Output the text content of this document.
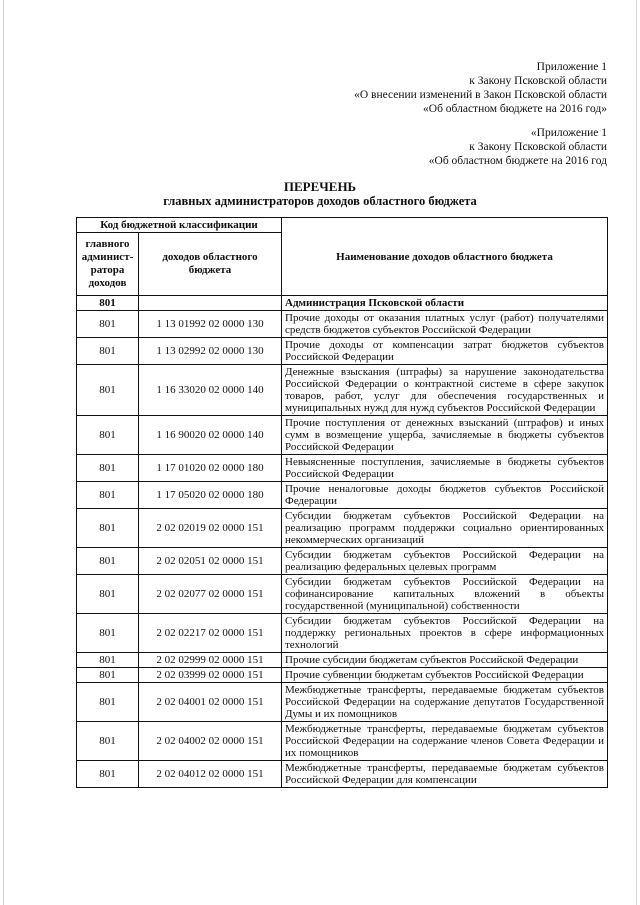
Приложение 1
к Закону Псковской области
«О внесении изменений в Закон Псковской области
«Об областном бюджете на 2016 год»
«Приложение 1
к Закону Псковской области
«Об областном бюджете на 2016 год
ПЕРЕЧЕНЬ
главных администраторов доходов областного бюджета
Код бюджетной классификации		Наименование доходов областного бюджета
главного админист-ратора доходов	доходов областного бюджета	
801		Администрация Псковской области
801	1 13 01992 02 0000 130	Прочие доходы от оказания платных услуг (работ) получателями средств бюджетов субъектов Российской Федерации
801	1 13 02992 02 0000 130	Прочие доходы от компенсации затрат бюджетов субъектов Российской Федерации
801	1 16 33020 02 0000 140	Денежные взыскания (штрафы) за нарушение законодательства Российской Федерации о контрактной системе в сфере закупок товаров, работ, услуг для обеспечения государственных и муниципальных нужд для нужд субъектов Российской Федерации
801	1 16 90020 02 0000 140	Прочие поступления от денежных взысканий (штрафов) и иных сумм в возмещение ущерба, зачисляемые в бюджеты субъектов Российской Федерации
801	1 17 01020 02 0000 180	Невыясненные поступления, зачисляемые в бюджеты субъектов Российской Федерации
801	1 17 05020 02 0000 180	Прочие неналоговые доходы бюджетов субъектов Российской Федерации
801	2 02 02019 02 0000 151	Субсидии бюджетам субъектов Российской Федерации на реализацию программ поддержки социально ориентированных некоммерческих организаций
801	2 02 02051 02 0000 151	Субсидии бюджетам субъектов Российской Федерации на реализацию федеральных целевых программ
801	2 02 02077 02 0000 151	Субсидии бюджетам субъектов Российской Федерации на софинансирование капитальных вложений в объекты государственной (муниципальной) собственности
801	2 02 02217 02 0000 151	Субсидии бюджетам субъектов Российской Федерации на поддержку региональных проектов в сфере информационных технологий
801	2 02 02999 02 0000 151	Прочие субсидии бюджетам субъектов Российской Федерации
801	2 02 03999 02 0000 151	Прочие субвенции бюджетам субъектов Российской Федерации
801	2 02 04001 02 0000 151	Межбюджетные трансферты, передаваемые бюджетам субъектов Российской Федерации на содержание депутатов Государственной Думы и их помощников
801	2 02 04002 02 0000 151	Межбюджетные трансферты, передаваемые бюджетам субъектов Российской Федерации на содержание членов Совета Федерации и их помощников
801	2 02 04012 02 0000 151	Межбюджетные трансферты, передаваемые бюджетам субъектов Российской Федерации для компенсации
